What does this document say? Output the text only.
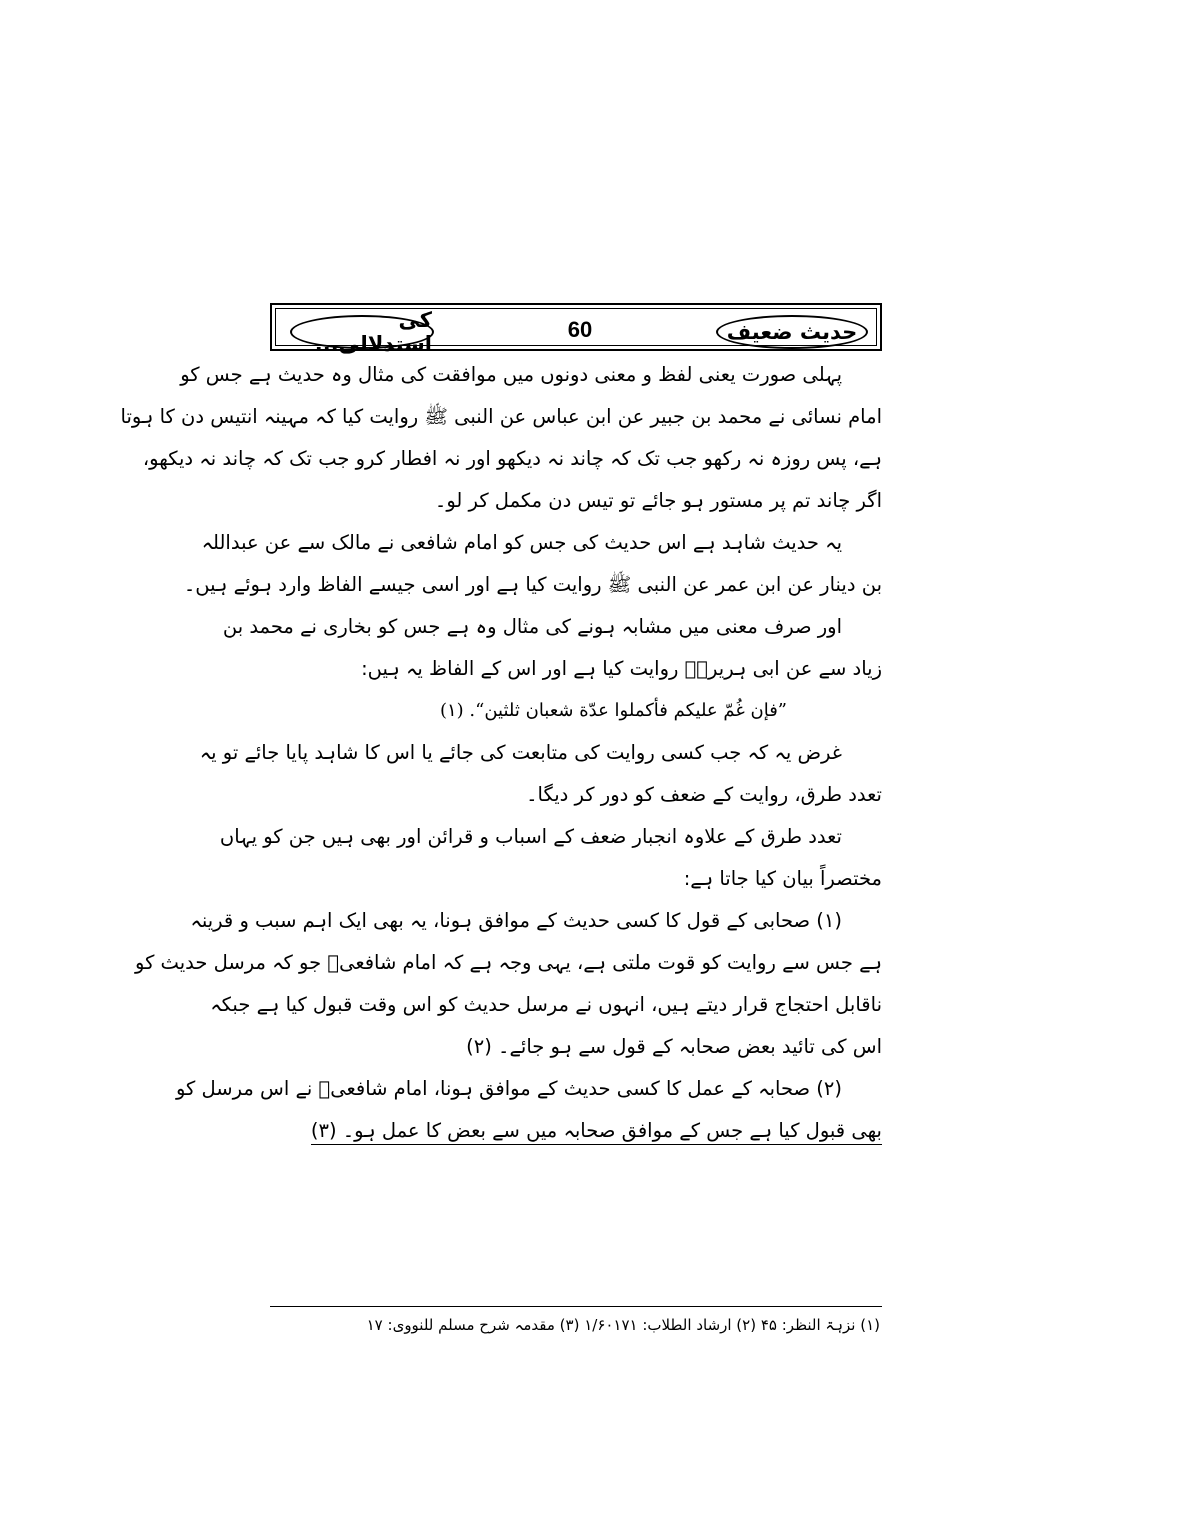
حدیث ضعیف
60
کی استدلالی...
پہلی صورت یعنی لفظ و معنی دونوں میں موافقت کی مثال وہ حدیث ہے جس کو
امام نسائی نے محمد بن جبیر عن ابن عباس عن النبی ﷺ روایت کیا کہ مہینہ انتیس دن کا ہوتا
ہے، پس روزہ نہ رکھو جب تک کہ چاند نہ دیکھو اور نہ افطار کرو جب تک کہ چاند نہ دیکھو،
اگر چاند تم پر مستور ہو جائے تو تیس دن مکمل کر لو۔
یہ حدیث شاہد ہے اس حدیث کی جس کو امام شافعی نے مالک سے عن عبداللہ
بن دینار عن ابن عمر عن النبی ﷺ روایت کیا ہے اور اسی جیسے الفاظ وارد ہوئے ہیں۔
اور صرف معنی میں مشابہ ہونے کی مثال وہ ہے جس کو بخاری نے محمد بن
زیاد سے عن ابی ہریرہؓ روایت کیا ہے اور اس کے الفاظ یہ ہیں:
”فإن غُمّ علیکم فأکملوا عدّة شعبان ثلثین“. (۱)
غرض یہ کہ جب کسی روایت کی متابعت کی جائے یا اس کا شاہد پایا جائے تو یہ
تعدد طرق، روایت کے ضعف کو دور کر دیگا۔
تعدد طرق کے علاوہ انجبار ضعف کے اسباب و قرائن اور بھی ہیں جن کو یہاں
مختصراً بیان کیا جاتا ہے:
(۱) صحابی کے قول کا کسی حدیث کے موافق ہونا، یہ بھی ایک اہم سبب و قرینہ
ہے جس سے روایت کو قوت ملتی ہے، یہی وجہ ہے کہ امام شافعیؒ جو کہ مرسل حدیث کو
ناقابل احتجاج قرار دیتے ہیں، انہوں نے مرسل حدیث کو اس وقت قبول کیا ہے جبکہ
اس کی تائید بعض صحابہ کے قول سے ہو جائے۔ (۲)
(۲) صحابہ کے عمل کا کسی حدیث کے موافق ہونا، امام شافعیؒ نے اس مرسل کو
بھی قبول کیا ہے جس کے موافق صحابہ میں سے بعض کا عمل ہو۔ (۳)
(۱) نزہۃ النظر: ۴۵ (۲) ارشاد الطلاب: ۱/۶۰۱۷۱ (۳) مقدمہ شرح مسلم للنووی: ۱۷
